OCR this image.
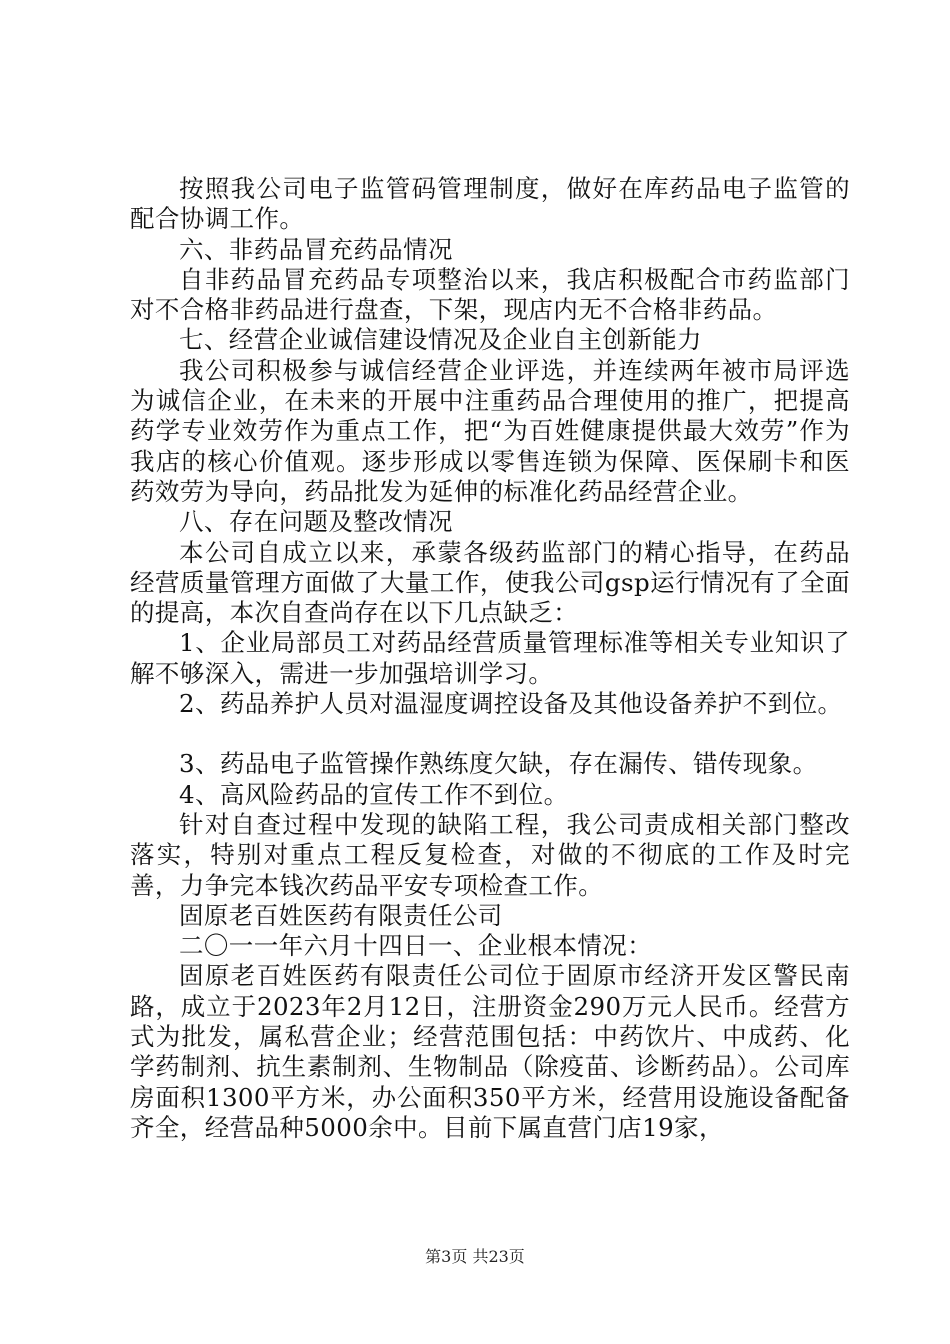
按照我公司电子监管码管理制度，做好在库药品电子监管的配合协调工作。

六、非药品冒充药品情况

自非药品冒充药品专项整治以来，我店积极配合市药监部门对不合格非药品进行盘查，下架，现店内无不合格非药品。

七、经营企业诚信建设情况及企业自主创新能力

我公司积极参与诚信经营企业评选，并连续两年被市局评选为诚信企业，在未来的开展中注重药品合理使用的推广，把提高药学专业效劳作为重点工作，把“为百姓健康提供最大效劳”作为我店的核心价值观。逐步形成以零售连锁为保障、医保刷卡和医药效劳为导向，药品批发为延伸的标准化药品经营企业。

八、存在问题及整改情况

本公司自成立以来，承蒙各级药监部门的精心指导，在药品经营质量管理方面做了大量工作，使我公司gsp运行情况有了全面的提高，本次自查尚存在以下几点缺乏：

1、企业局部员工对药品经营质量管理标准等相关专业知识了解不够深入，需进一步加强培训学习。

2、药品养护人员对温湿度调控设备及其他设备养护不到位。

3、药品电子监管操作熟练度欠缺，存在漏传、错传现象。

4、高风险药品的宣传工作不到位。

针对自查过程中发现的缺陷工程，我公司责成相关部门整改落实，特别对重点工程反复检查，对做的不彻底的工作及时完善，力争完本钱次药品平安专项检查工作。

固原老百姓医药有限责任公司

二〇一一年六月十四日一、企业根本情况：

固原老百姓医药有限责任公司位于固原市经济开发区警民南路，成立于2023年2月12日，注册资金290万元人民币。经营方式为批发，属私营企业；经营范围包括：中药饮片、中成药、化学药制剂、抗生素制剂、生物制品（除疫苗、诊断药品）。公司库房面积1300平方米，办公面积350平方米，经营用设施设备配备齐全，经营品种5000余中。目前下属直营门店19家，

第3页 共23页
